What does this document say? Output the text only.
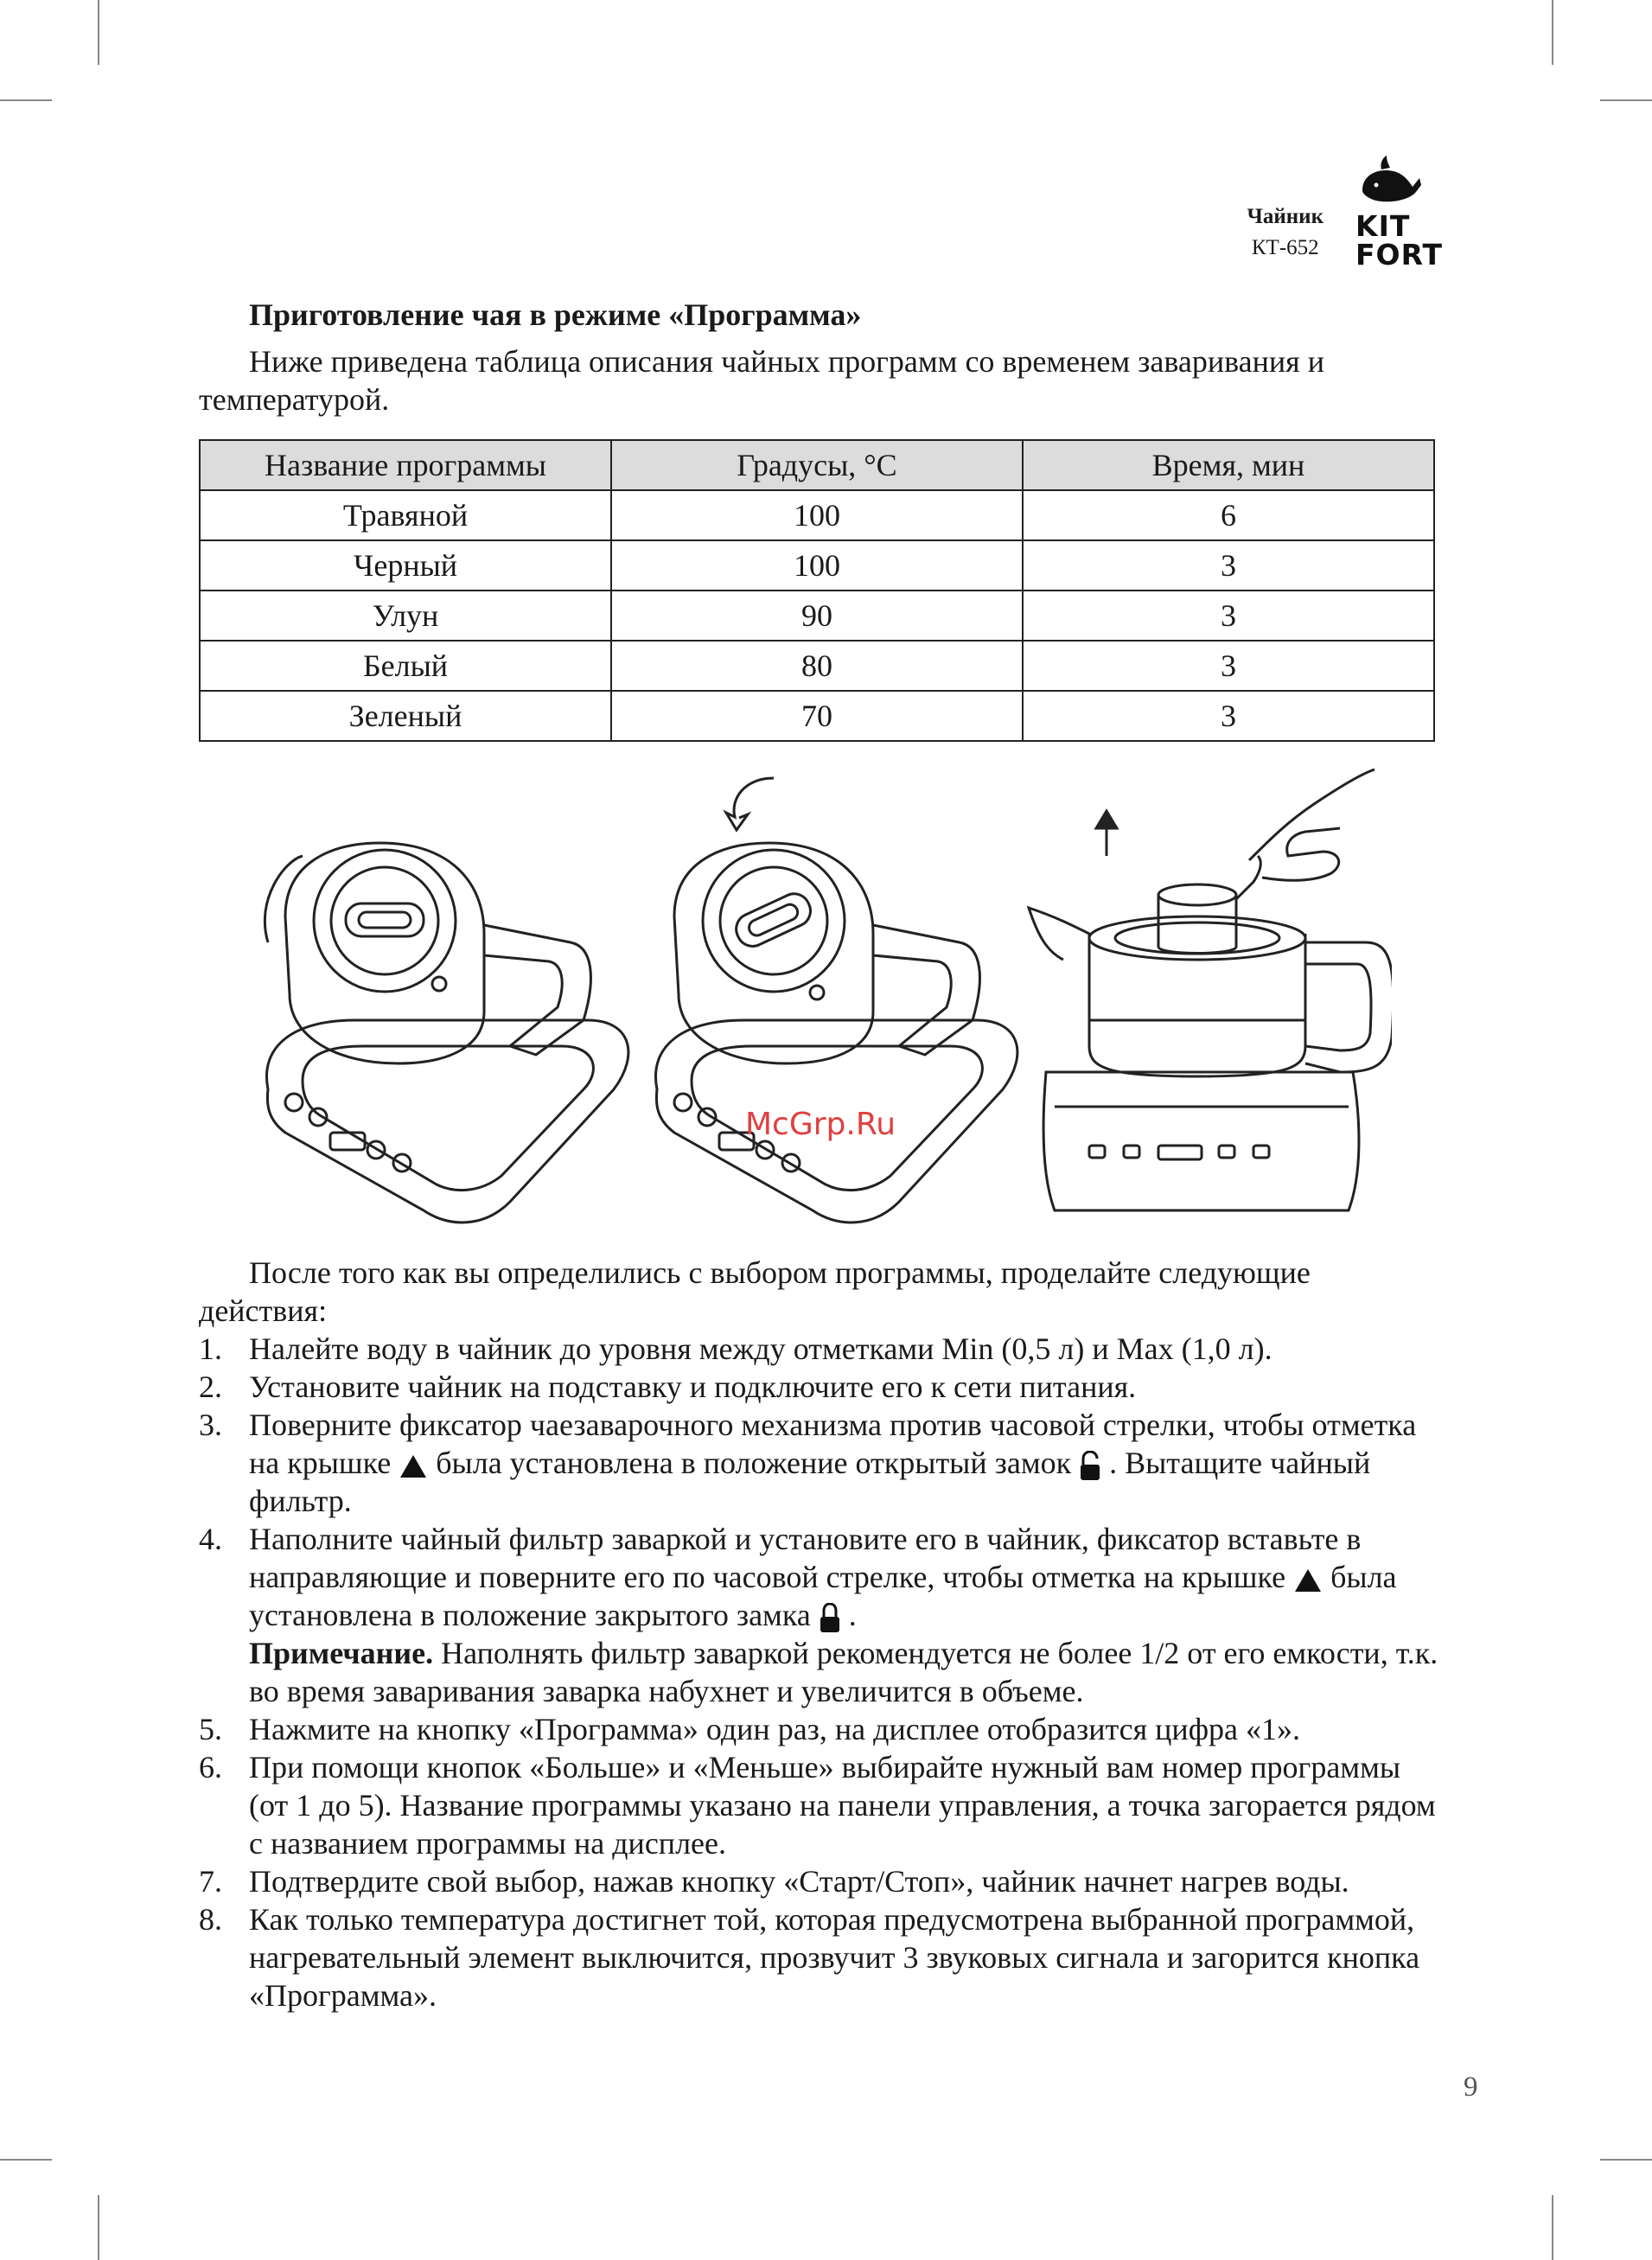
Чайник
КТ-652
KIT
FORT
Приготовление чая в режиме «Программа»
Ниже приведена таблица описания чайных программ со временем заваривания и температурой.
Название программы	Градусы, °С	Время, мин
Травяной	100	6
Черный	100	3
Улун	90	3
Белый	80	3
Зеленый	70	3
McGrp.Ru

После того как вы определились с выбором программы, проделайте следующие действия:

1. Налейте воду в чайник до уровня между отметками Min (0,5 л) и Max (1,0 л).
2. Установите чайник на подставку и подключите его к сети питания.
3. Поверните фиксатор чаезаварочного механизма против часовой стрелки, чтобы отметка на крышке была установлена в положение открытый замок . Вытащите чайный фильтр.
4. Наполните чайный фильтр заваркой и установите его в чайник, фиксатор вставьте в направляющие и поверните его по часовой стрелке, чтобы отметка на крышке была установлена в положение закрытого замка .
Примечание. Наполнять фильтр заваркой рекомендуется не более 1/2 от его емкости, т.к. во время заваривания заварка набухнет и увеличится в объеме.
5. Нажмите на кнопку «Программа» один раз, на дисплее отобразится цифра «1».
6. При помощи кнопок «Больше» и «Меньше» выбирайте нужный вам номер программы (от 1 до 5). Название программы указано на панели управления, а точка загорается рядом с названием программы на дисплее.
7. Подтвердите свой выбор, нажав кнопку «Старт/Стоп», чайник начнет нагрев воды.
8. Как только температура достигнет той, которая предусмотрена выбранной программой, нагревательный элемент выключится, прозвучит 3 звуковых сигнала и загорится кнопка «Программа».
9
